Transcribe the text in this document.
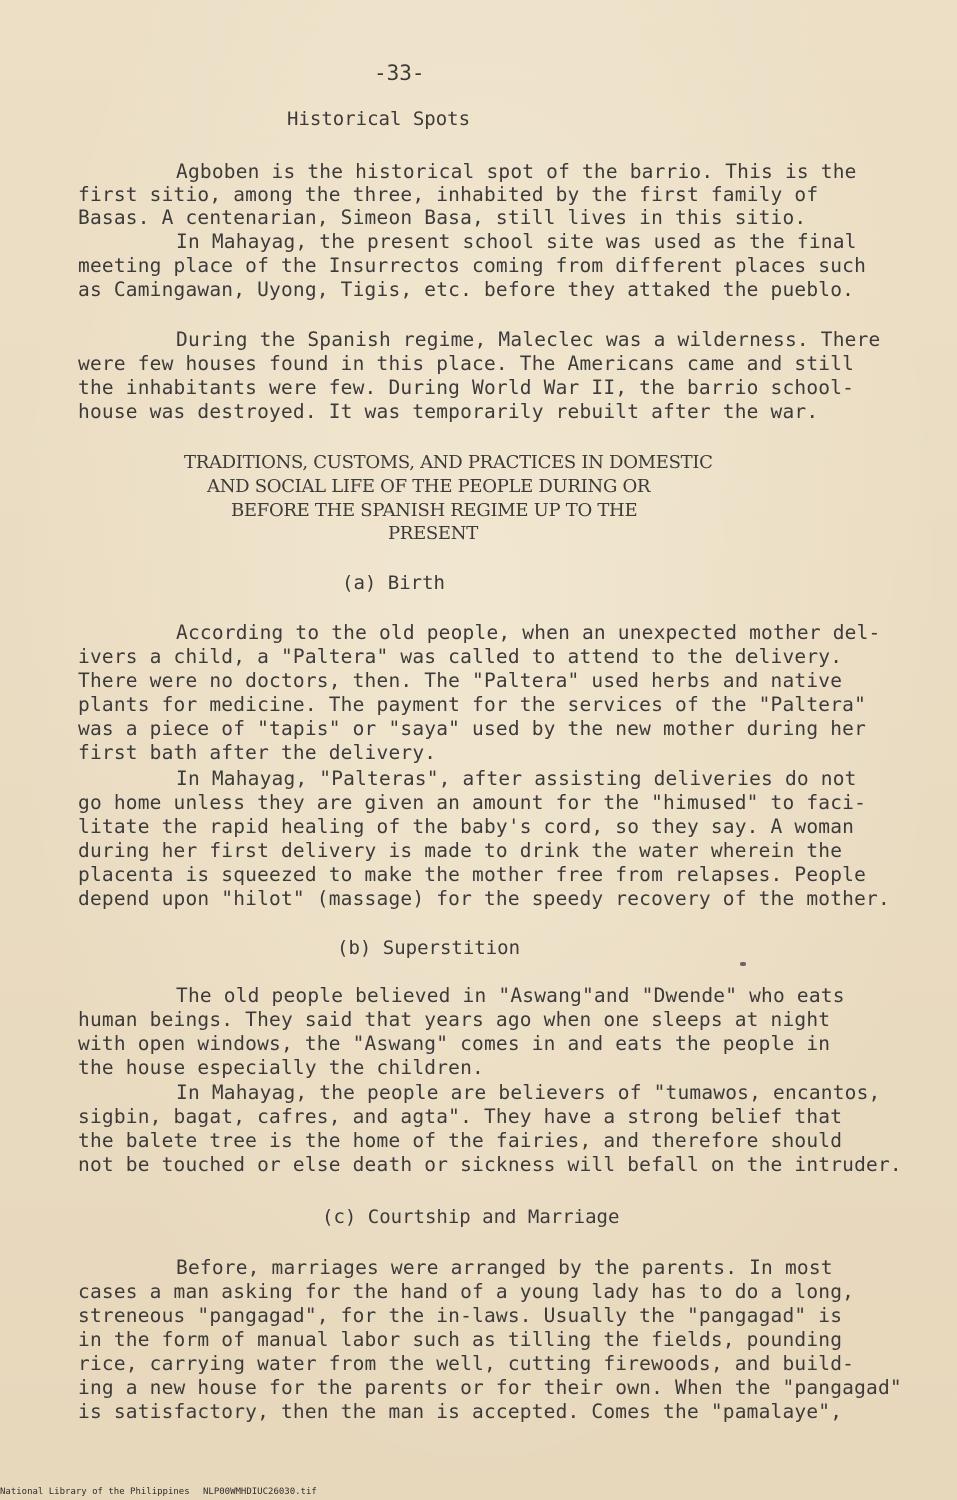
-33-
Historical Spots
Agboben is the historical spot of the barrio. This is the
first sitio, among the three, inhabited by the first family of
Basas. A centenarian, Simeon Basa, still lives in this sitio.
In Mahayag, the present school site was used as the final
meeting place of the Insurrectos coming from different places such
as Camingawan, Uyong, Tigis, etc. before they attaked the pueblo.
During the Spanish regime, Maleclec was a wilderness. There
were few houses found in this place. The Americans came and still
the inhabitants were few. During World War II, the barrio school-
house was destroyed. It was temporarily rebuilt after the war.
TRADITIONS, CUSTOMS, AND PRACTICES IN DOMESTIC
AND SOCIAL LIFE OF THE PEOPLE DURING OR
BEFORE THE SPANISH REGIME UP TO THE
PRESENT
(a) Birth
According to the old people, when an unexpected mother del-
ivers a child, a "Paltera" was called to attend to the delivery.
There were no doctors, then. The "Paltera" used herbs and native
plants for medicine. The payment for the services of the "Paltera"
was a piece of "tapis" or "saya" used by the new mother during her
first bath after the delivery.
In Mahayag, "Palteras", after assisting deliveries do not
go home unless they are given an amount for the "himused" to faci-
litate the rapid healing of the baby's cord, so they say. A woman
during her first delivery is made to drink the water wherein the
placenta is squeezed to make the mother free from relapses. People
depend upon "hilot" (massage) for the speedy recovery of the mother.
(b) Superstition
The old people believed in "Aswang"and "Dwende" who eats
human beings. They said that years ago when one sleeps at night
with open windows, the "Aswang" comes in and eats the people in
the house especially the children.
In Mahayag, the people are believers of "tumawos, encantos,
sigbin, bagat, cafres, and agta". They have a strong belief that
the balete tree is the home of the fairies, and therefore should
not be touched or else death or sickness will befall on the intruder.
(c) Courtship and Marriage
Before, marriages were arranged by the parents. In most
cases a man asking for the hand of a young lady has to do a long,
streneous "pangagad", for the in-laws. Usually the "pangagad" is
in the form of manual labor such as tilling the fields, pounding
rice, carrying water from the well, cutting firewoods, and build-
ing a new house for the parents or for their own. When the "pangagad"
is satisfactory, then the man is accepted. Comes the "pamalaye",
National Library of the Philippines NLP00WMHDIUC26030.tif
